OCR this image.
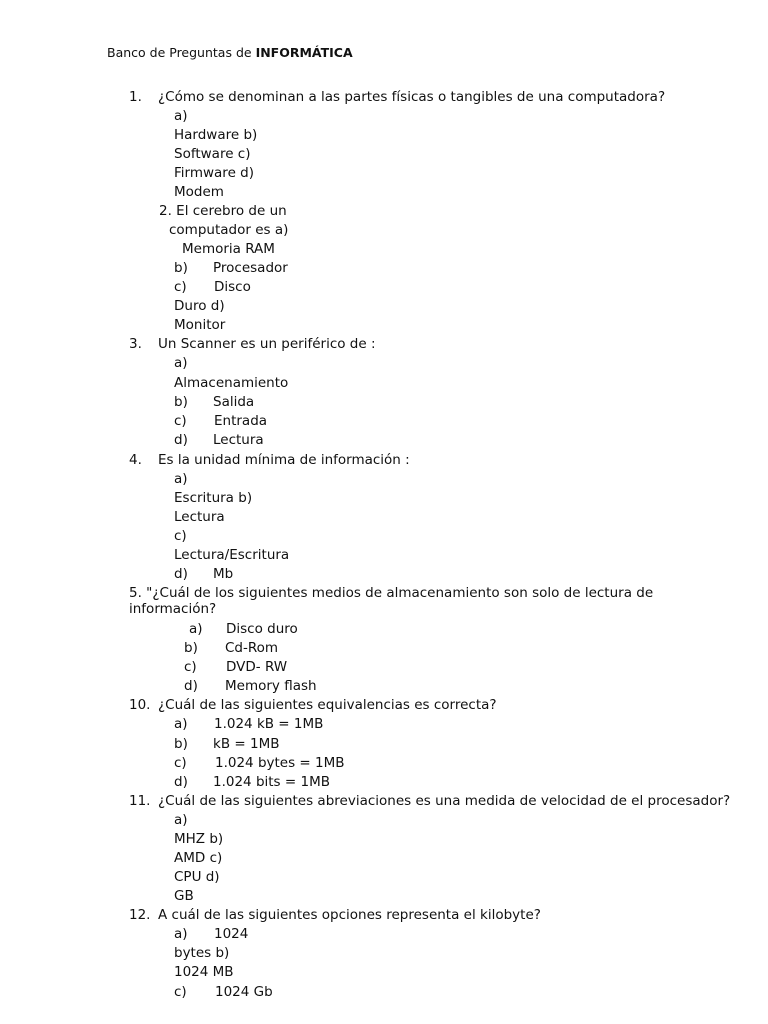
Banco de Preguntas de INFORMÁTICA
1. ¿Cómo se denominan a las partes físicas o tangibles de una computadora?
a)
Hardware b)
Software c)
Firmware d)
Modem
2. El cerebro de un
computador es a)
Memoria RAM
b) Procesador
c) Disco
Duro d)
Monitor
3. Un Scanner es un periférico de :
a)
Almacenamiento
b) Salida
c) Entrada
d) Lectura
4. Es la unidad mínima de información :
a)
Escritura b)
Lectura
c)
Lectura/Escritura
d) Mb
5. "¿Cuál de los siguientes medios de almacenamiento son solo de lectura de
información?
a) Disco duro
b) Cd-Rom
c) DVD- RW
d) Memory flash
10. ¿Cuál de las siguientes equivalencias es correcta?
a) 1.024 kB = 1MB
b) kB = 1MB
c) 1.024 bytes = 1MB
d) 1.024 bits = 1MB
11. ¿Cuál de las siguientes abreviaciones es una medida de velocidad de el procesador?
a)
MHZ b)
AMD c)
CPU d)
GB
12. A cuál de las siguientes opciones representa el kilobyte?
a) 1024
bytes b)
1024 MB
c) 1024 Gb
